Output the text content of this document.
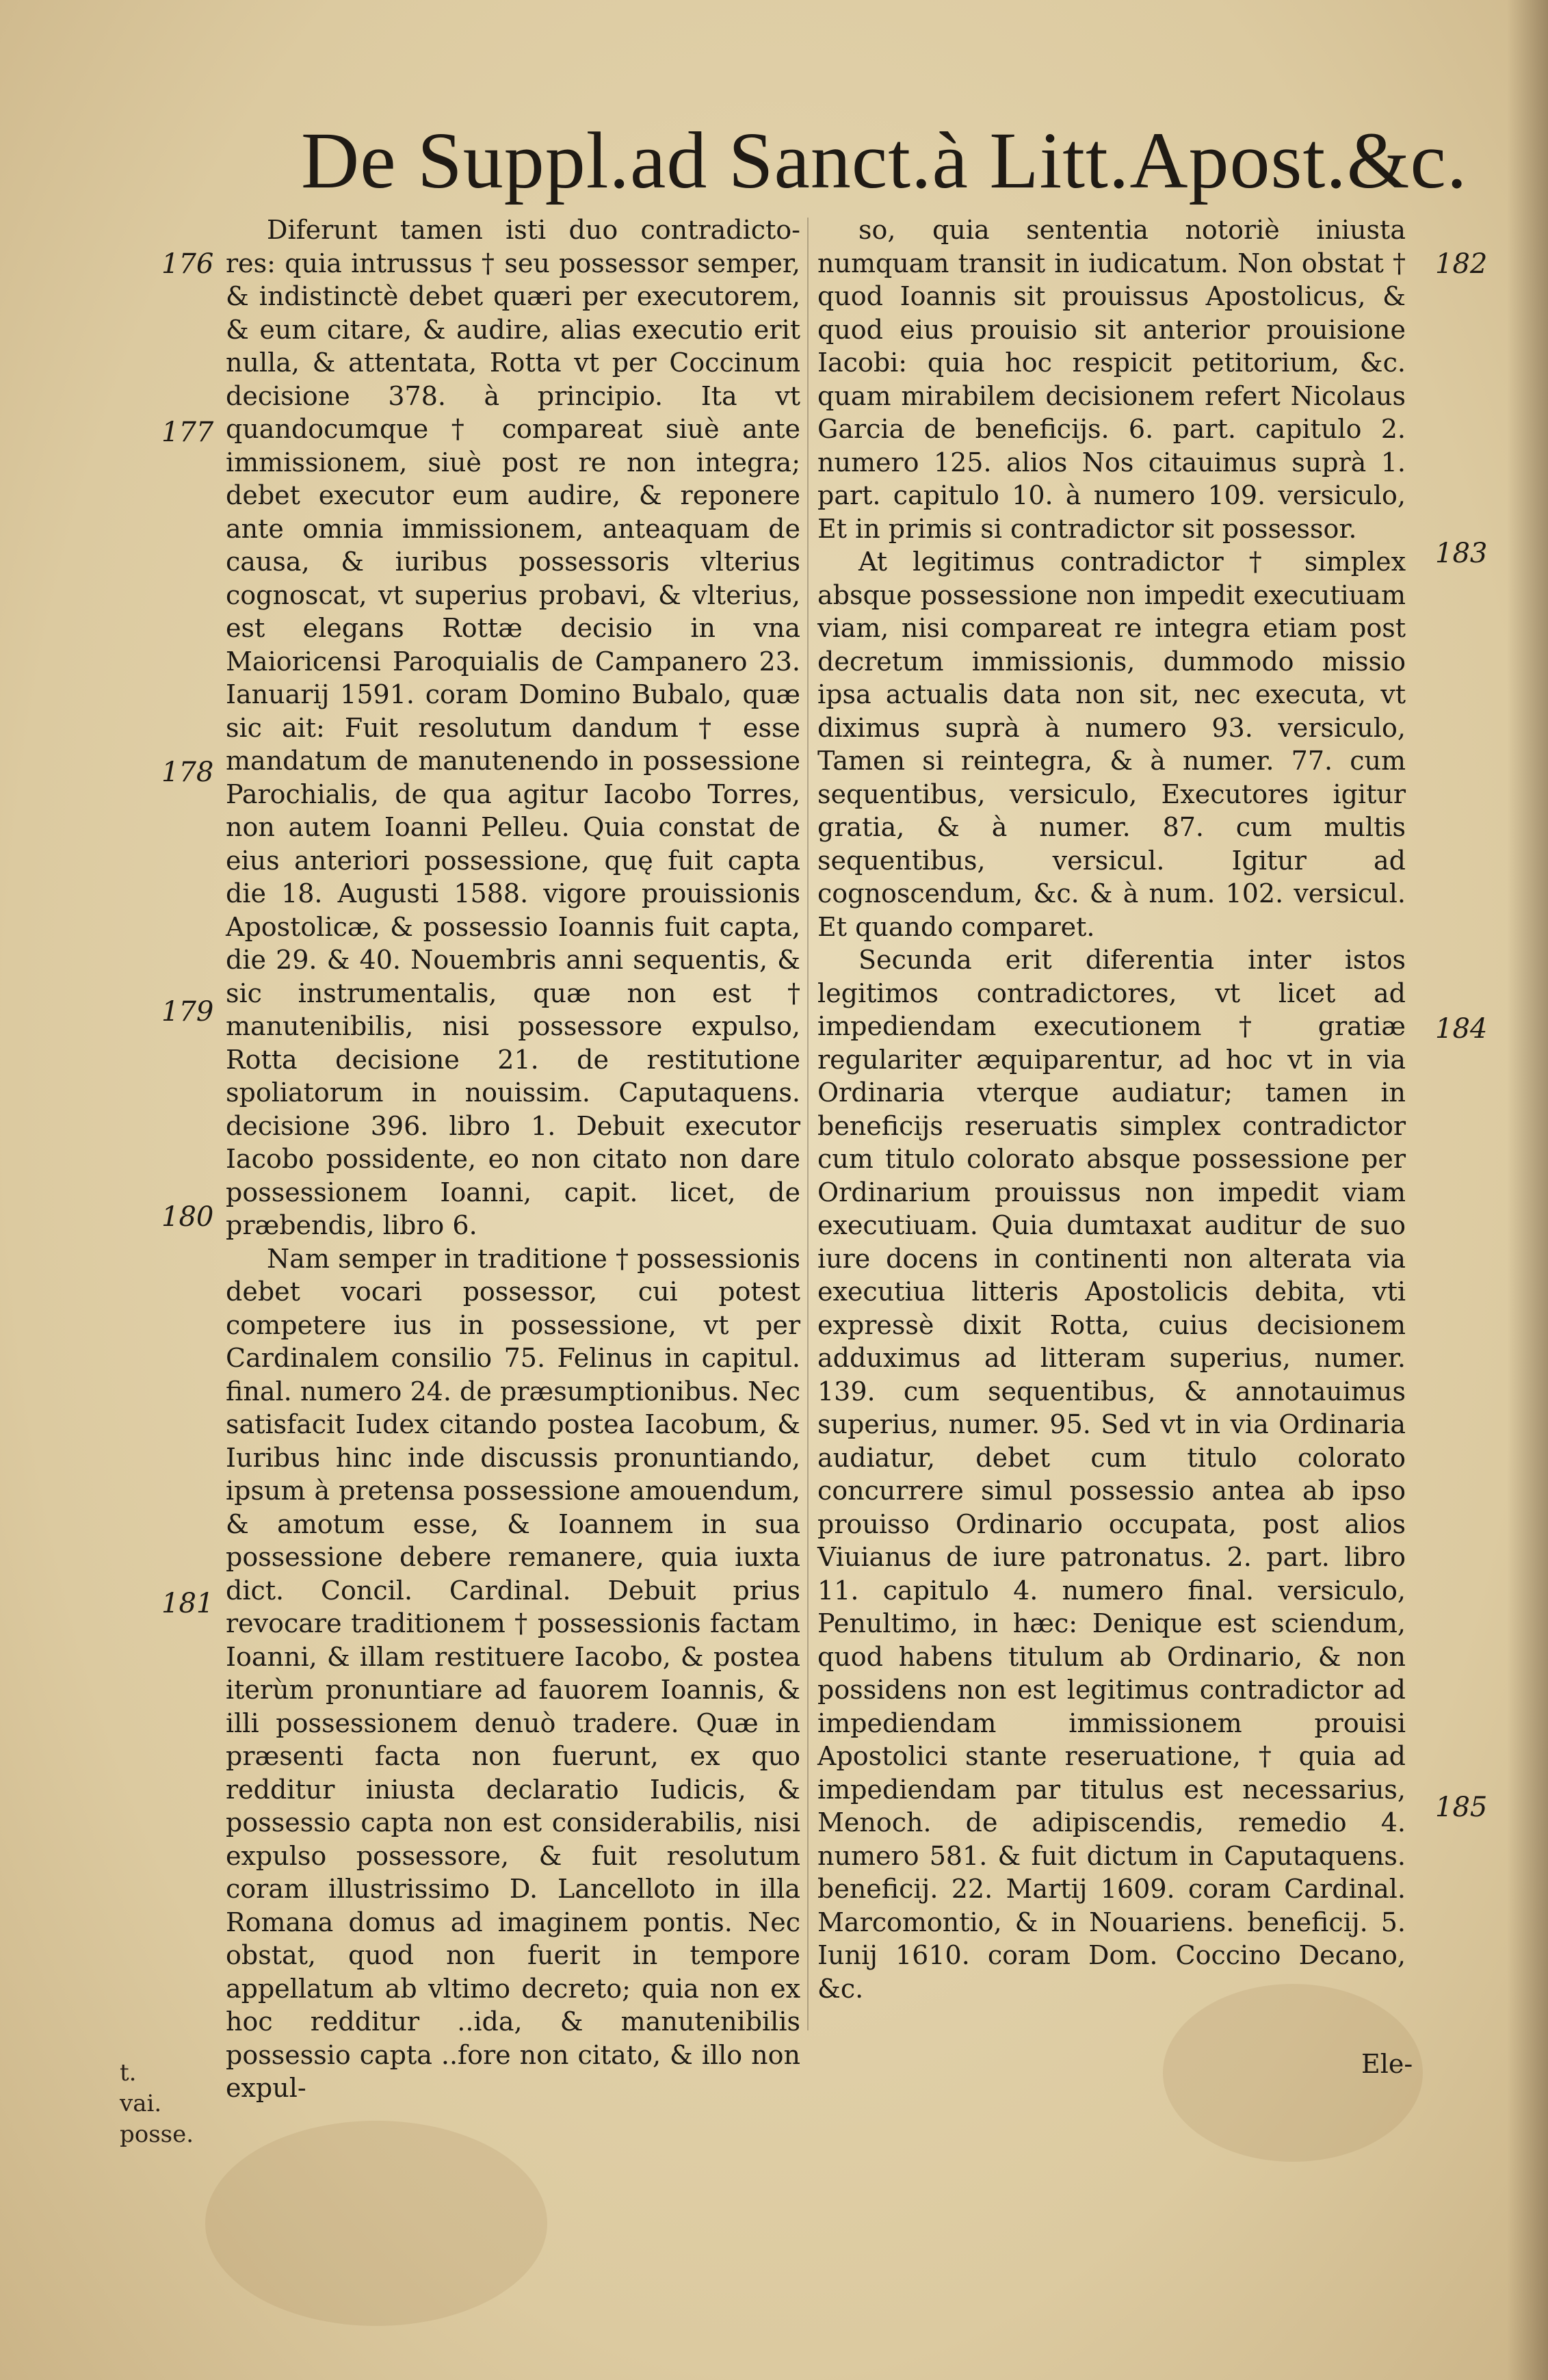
De Suppl.ad Sanct.à Litt.Apost.&c.

Diferunt tamen isti duo contradicto- res: quia intrussus † seu possessor semper, & indistinctè debet quæri per executorem, & eum citare, & audire, alias executio erit nulla, & attentata, Rotta vt per Coccinum decisione 378. à principio. Ita vt quandocumque † compareat siuè ante immissionem, siuè post re non integra; debet executor eum audire, & reponere ante omnia immissionem, anteaquam de causa, & iuribus possessoris vlterius cognoscat, vt superius probavi, & vlterius, est elegans Rottæ decisio in vna Maioricensi Paroquialis de Campanero 23. Ianuarij 1591. coram Domino Bubalo, quæ sic ait: Fuit resolutum dandum † esse mandatum de manutenendo in possessione Parochialis, de qua agitur Iacobo Torres, non autem Ioanni Pelleu. Quia constat de eius anteriori possessione, quę fuit capta die 18. Augusti 1588. vigore prouissionis Apostolicæ, & possessio Ioannis fuit capta, die 29. & 40. Nouembris anni sequentis, & sic instrumentalis, quæ non est † manutenibilis, nisi possessore expulso, Rotta decisione 21. de restitutione spoliatorum in nouissim. Caputaquens. decisione 396. libro 1. Debuit executor Iacobo possidente, eo non citato non dare possessionem Ioanni, capit. licet, de præbendis, libro 6.

Nam semper in traditione † possessionis debet vocari possessor, cui potest competere ius in possessione, vt per Cardinalem consilio 75. Felinus in capitul. final. numero 24. de præsumptionibus. Nec satisfacit Iudex citando postea Iacobum, & Iuribus hinc inde discussis pronuntiando, ipsum à pretensa possessione amouendum, & amotum esse, & Ioannem in sua possessione debere remanere, quia iuxta dict. Concil. Cardinal. Debuit prius revocare traditionem † possessionis factam Ioanni, & illam restituere Iacobo, & postea iterùm pronuntiare ad fauorem Ioannis, & illi possessionem denuò tradere. Quæ in præsenti facta non fuerunt, ex quo redditur iniusta declaratio Iudicis, & possessio capta non est considerabilis, nisi expulso possessore, & fuit resolutum coram illustrissimo D. Lancelloto in illa Romana domus ad imaginem pontis. Nec obstat, quod non fuerit in tempore appellatum ab vltimo decreto; quia non ex hoc redditur ..ida, & manutenibilis possessio capta ..fore non citato, & illo non expul-

so, quia sententia notoriè iniusta numquam transit in iudicatum. Non obstat † quod Ioannis sit prouissus Apostolicus, & quod eius prouisio sit anterior prouisione Iacobi: quia hoc respicit petitorium, &c. quam mirabilem decisionem refert Nicolaus Garcia de beneficijs. 6. part. capitulo 2. numero 125. alios Nos citauimus suprà 1. part. capitulo 10. à numero 109. versiculo, Et in primis si contradictor sit possessor.

At legitimus contradictor † simplex absque possessione non impedit executiuam viam, nisi compareat re integra etiam post decretum immissionis, dummodo missio ipsa actualis data non sit, nec executa, vt diximus suprà à numero 93. versiculo, Tamen si reintegra, & à numer. 77. cum sequentibus, versiculo, Executores igitur gratia, & à numer. 87. cum multis sequentibus, versicul. Igitur ad cognoscendum, &c. & à num. 102. versicul. Et quando comparet.

Secunda erit diferentia inter istos legitimos contradictores, vt licet ad impediendam executionem † gratiæ regulariter æquiparentur, ad hoc vt in via Ordinaria vterque audiatur; tamen in beneficijs reseruatis simplex contradictor cum titulo colorato absque possessione per Ordinarium prouissus non impedit viam executiuam. Quia dumtaxat auditur de suo iure docens in continenti non alterata via executiua litteris Apostolicis debita, vti expressè dixit Rotta, cuius decisionem adduximus ad litteram superius, numer. 139. cum sequentibus, & annotauimus superius, numer. 95. Sed vt in via Ordinaria audiatur, debet cum titulo colorato concurrere simul possessio antea ab ipso prouisso Ordinario occupata, post alios Viuianus de iure patronatus. 2. part. libro 11. capitulo 4. numero final. versiculo, Penultimo, in hæc: Denique est sciendum, quod habens titulum ab Ordinario, & non possidens non est legitimus contradictor ad impediendam immissionem prouisi Apostolici stante reseruatione, † quia ad impediendam par titulus est necessarius, Menoch. de adipiscendis, remedio 4. numero 581. & fuit dictum in Caputaquens. beneficij. 22. Martij 1609. coram Cardinal. Marcomontio, & in Nouariens. beneficij. 5. Iunij 1610. coram Dom. Coccino Decano, &c.

176
177
178
179
180
181
182
183
184
185
Ele-
t.
vai.
posse.
